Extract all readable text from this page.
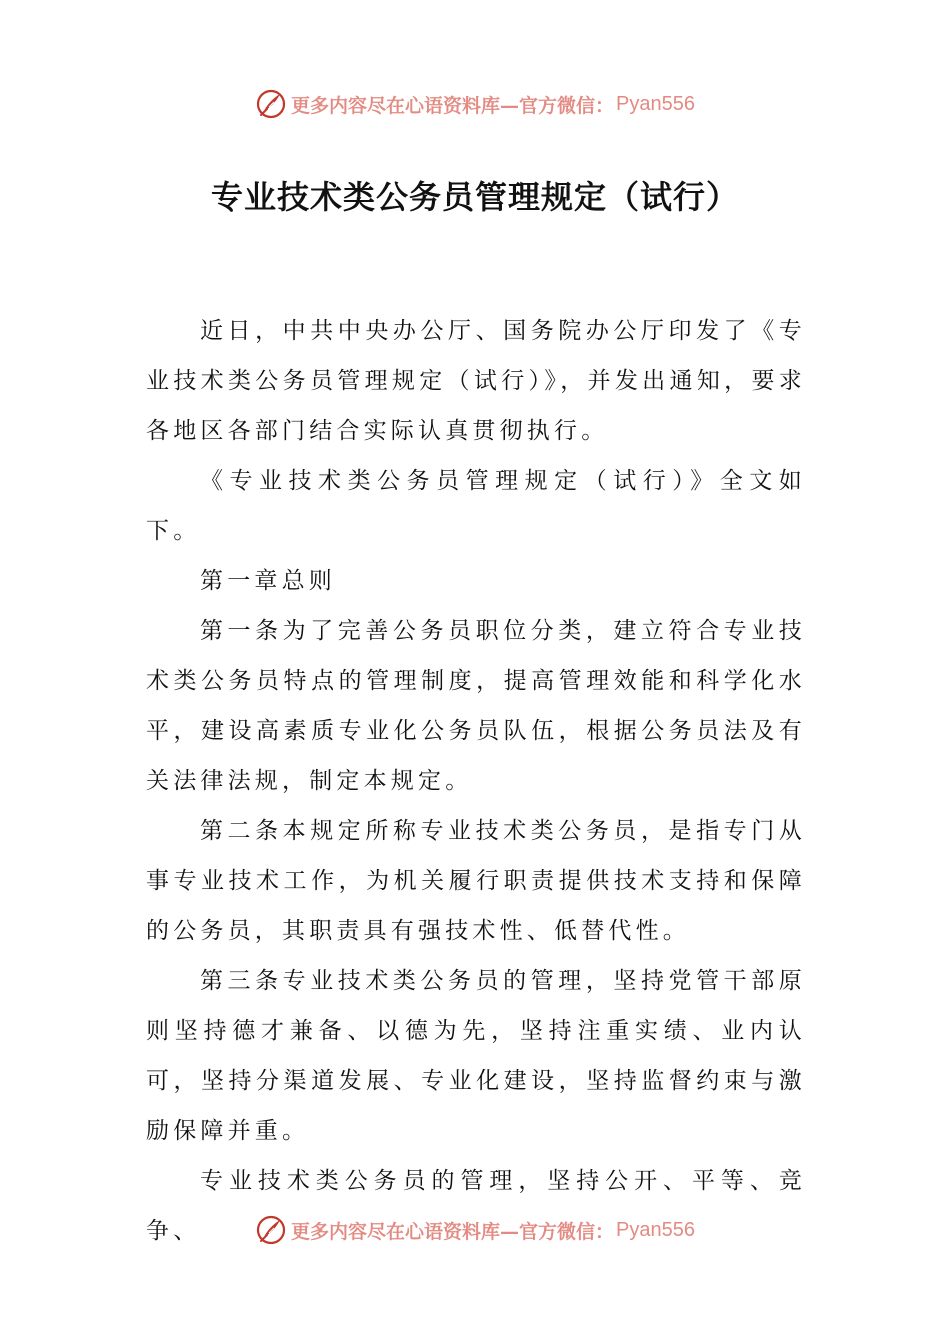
更多内容尽在心语资料库—官方微信： Pyan556
专业技术类公务员管理规定（试行）

近日，中共中央办公厅、国务院办公厅印发了《专业技术类公务员管理规定（试行）》，并发出通知，要求各地区各部门结合实际认真贯彻执行。

《专业技术类公务员管理规定（试行）》全文如下。

第一章总则

第一条为了完善公务员职位分类，建立符合专业技术类公务员特点的管理制度，提高管理效能和科学化水平，建设高素质专业化公务员队伍，根据公务员法及有关法律法规，制定本规定。

第二条本规定所称专业技术类公务员，是指专门从事专业技术工作，为机关履行职责提供技术支持和保障的公务员，其职责具有强技术性、低替代性。

第三条专业技术类公务员的管理，坚持党管干部原则坚持德才兼备、以德为先，坚持注重实绩、业内认可，坚持分渠道发展、专业化建设，坚持监督约束与激励保障并重。

专业技术类公务员的管理，坚持公开、平等、竞争、	更多内容尽在心语资料库—官方微信： Pyan556
